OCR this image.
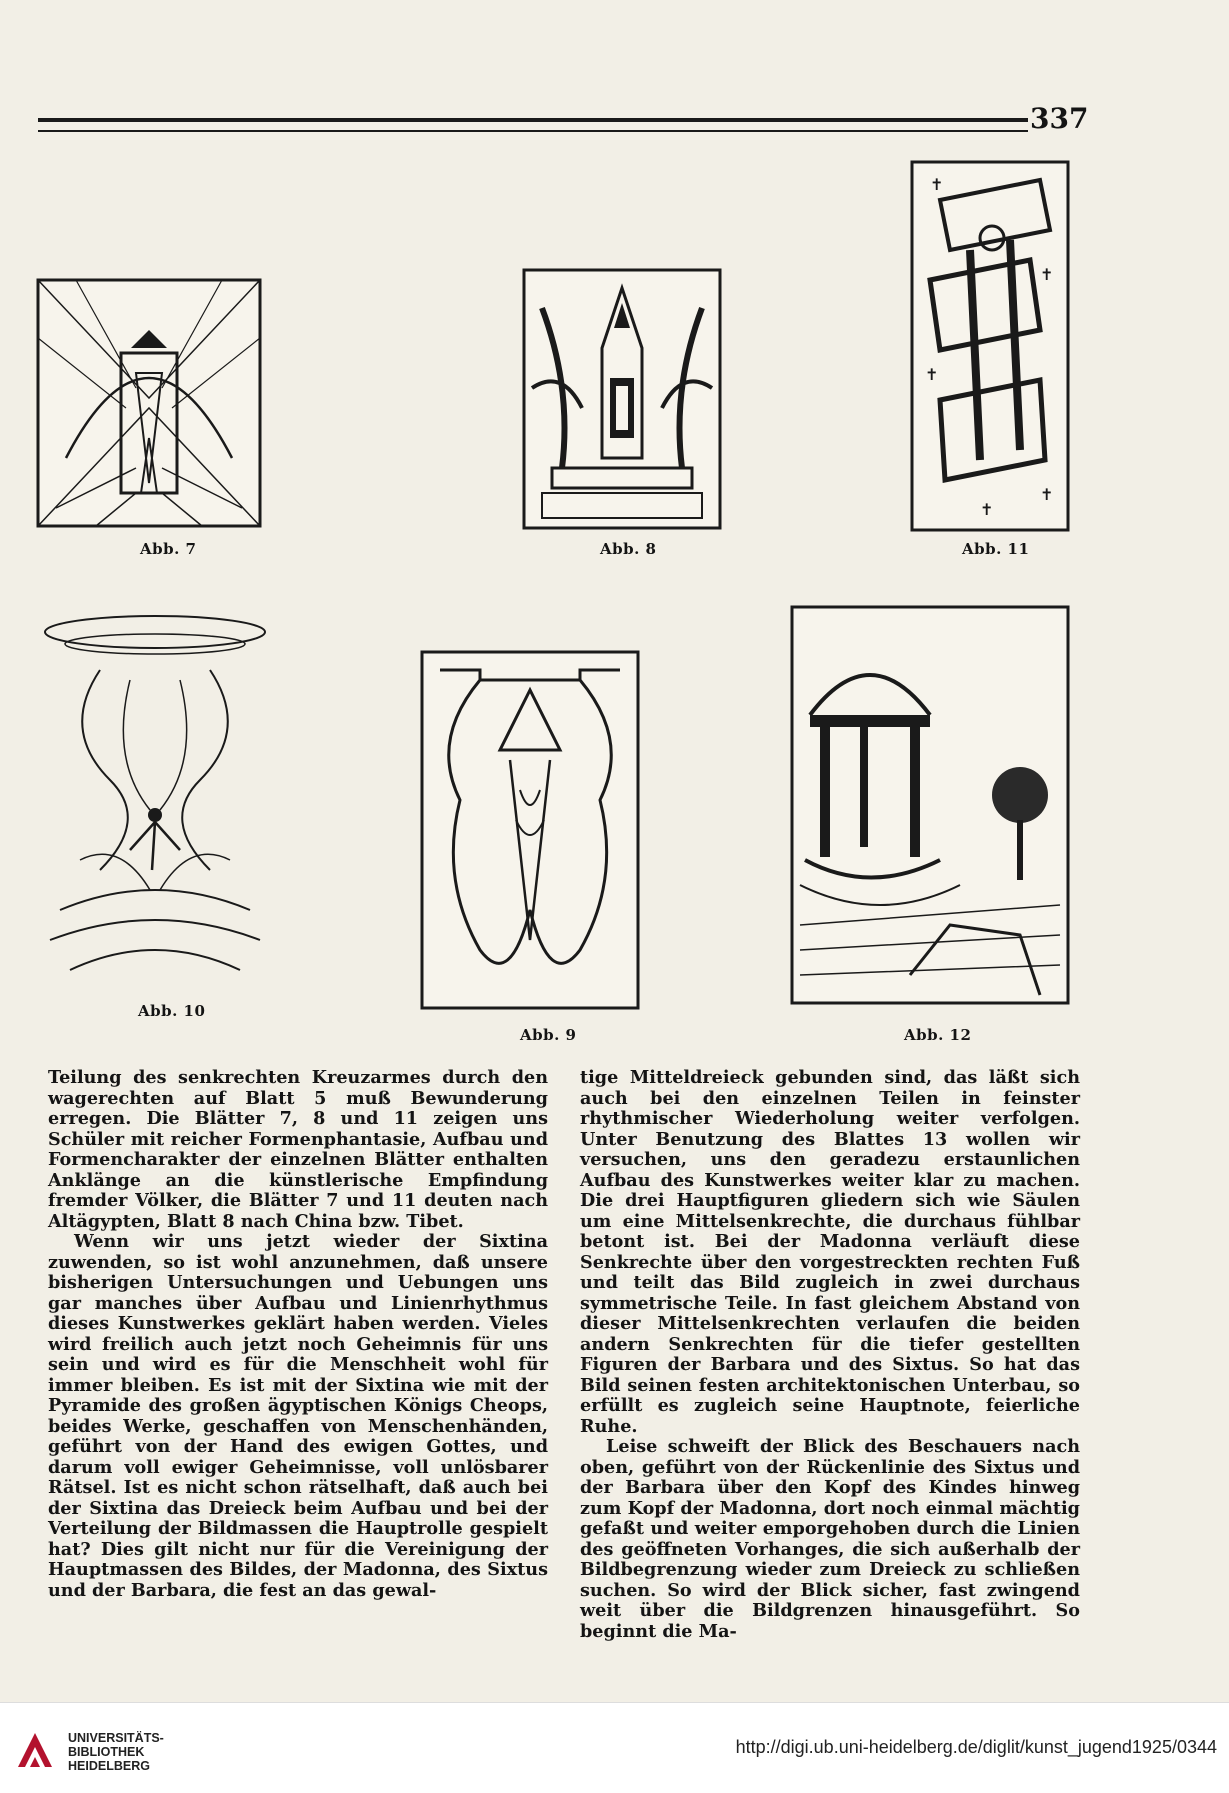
337
Abb. 7	Abb. 8
✝
✝
✝
✝
✝
Abb. 11
Abb. 10
Abb. 9	Abb. 12

Teilung des senkrechten Kreuzarmes durch den wagerechten auf Blatt 5 muß Bewunderung erregen. Die Blätter 7, 8 und 11 zeigen uns Schüler mit reicher Formenphantasie, Aufbau und Formencharakter der einzelnen Blätter enthalten Anklänge an die künstlerische Empfindung fremder Völker, die Blätter 7 und 11 deuten nach Altägypten, Blatt 8 nach China bzw. Tibet.

Wenn wir uns jetzt wieder der Sixtina zuwenden, so ist wohl anzunehmen, daß unsere bisherigen Untersuchungen und Uebungen uns gar manches über Aufbau und Linienrhythmus dieses Kunstwerkes geklärt haben werden. Vieles wird freilich auch jetzt noch Geheimnis für uns sein und wird es für die Menschheit wohl für immer bleiben. Es ist mit der Sixtina wie mit der Pyramide des großen ägyptischen Königs Cheops, beides Werke, geschaffen von Menschenhänden, geführt von der Hand des ewigen Gottes, und darum voll ewiger Geheimnisse, voll unlösbarer Rätsel. Ist es nicht schon rätselhaft, daß auch bei der Sixtina das Dreieck beim Aufbau und bei der Verteilung der Bildmassen die Hauptrolle gespielt hat? Dies gilt nicht nur für die Vereinigung der Hauptmassen des Bildes, der Madonna, des Sixtus und der Barbara, die fest an das gewal-

tige Mitteldreieck gebunden sind, das läßt sich auch bei den einzelnen Teilen in feinster rhythmischer Wiederholung weiter verfolgen. Unter Benutzung des Blattes 13 wollen wir versuchen, uns den geradezu erstaunlichen Aufbau des Kunstwerkes weiter klar zu machen. Die drei Hauptfiguren gliedern sich wie Säulen um eine Mittelsenkrechte, die durchaus fühlbar betont ist. Bei der Madonna verläuft diese Senkrechte über den vorgestreckten rechten Fuß und teilt das Bild zugleich in zwei durchaus symmetrische Teile. In fast gleichem Abstand von dieser Mittelsenkrechten verlaufen die beiden andern Senkrechten für die tiefer gestellten Figuren der Barbara und des Sixtus. So hat das Bild seinen festen architektonischen Unterbau, so erfüllt es zugleich seine Hauptnote, feierliche Ruhe.

Leise schweift der Blick des Beschauers nach oben, geführt von der Rückenlinie des Sixtus und der Barbara über den Kopf des Kindes hinweg zum Kopf der Madonna, dort noch einmal mächtig gefaßt und weiter emporgehoben durch die Linien des geöffneten Vorhanges, die sich außerhalb der Bildbegrenzung wieder zum Dreieck zu schließen suchen. So wird der Blick sicher, fast zwingend weit über die Bildgrenzen hinausgeführt. So beginnt die Ma-

UNIVERSITÄTS-
BIBLIOTHEK
HEIDELBERG
http://digi.ub.uni-heidelberg.de/diglit/kunst_jugend1925/0344
